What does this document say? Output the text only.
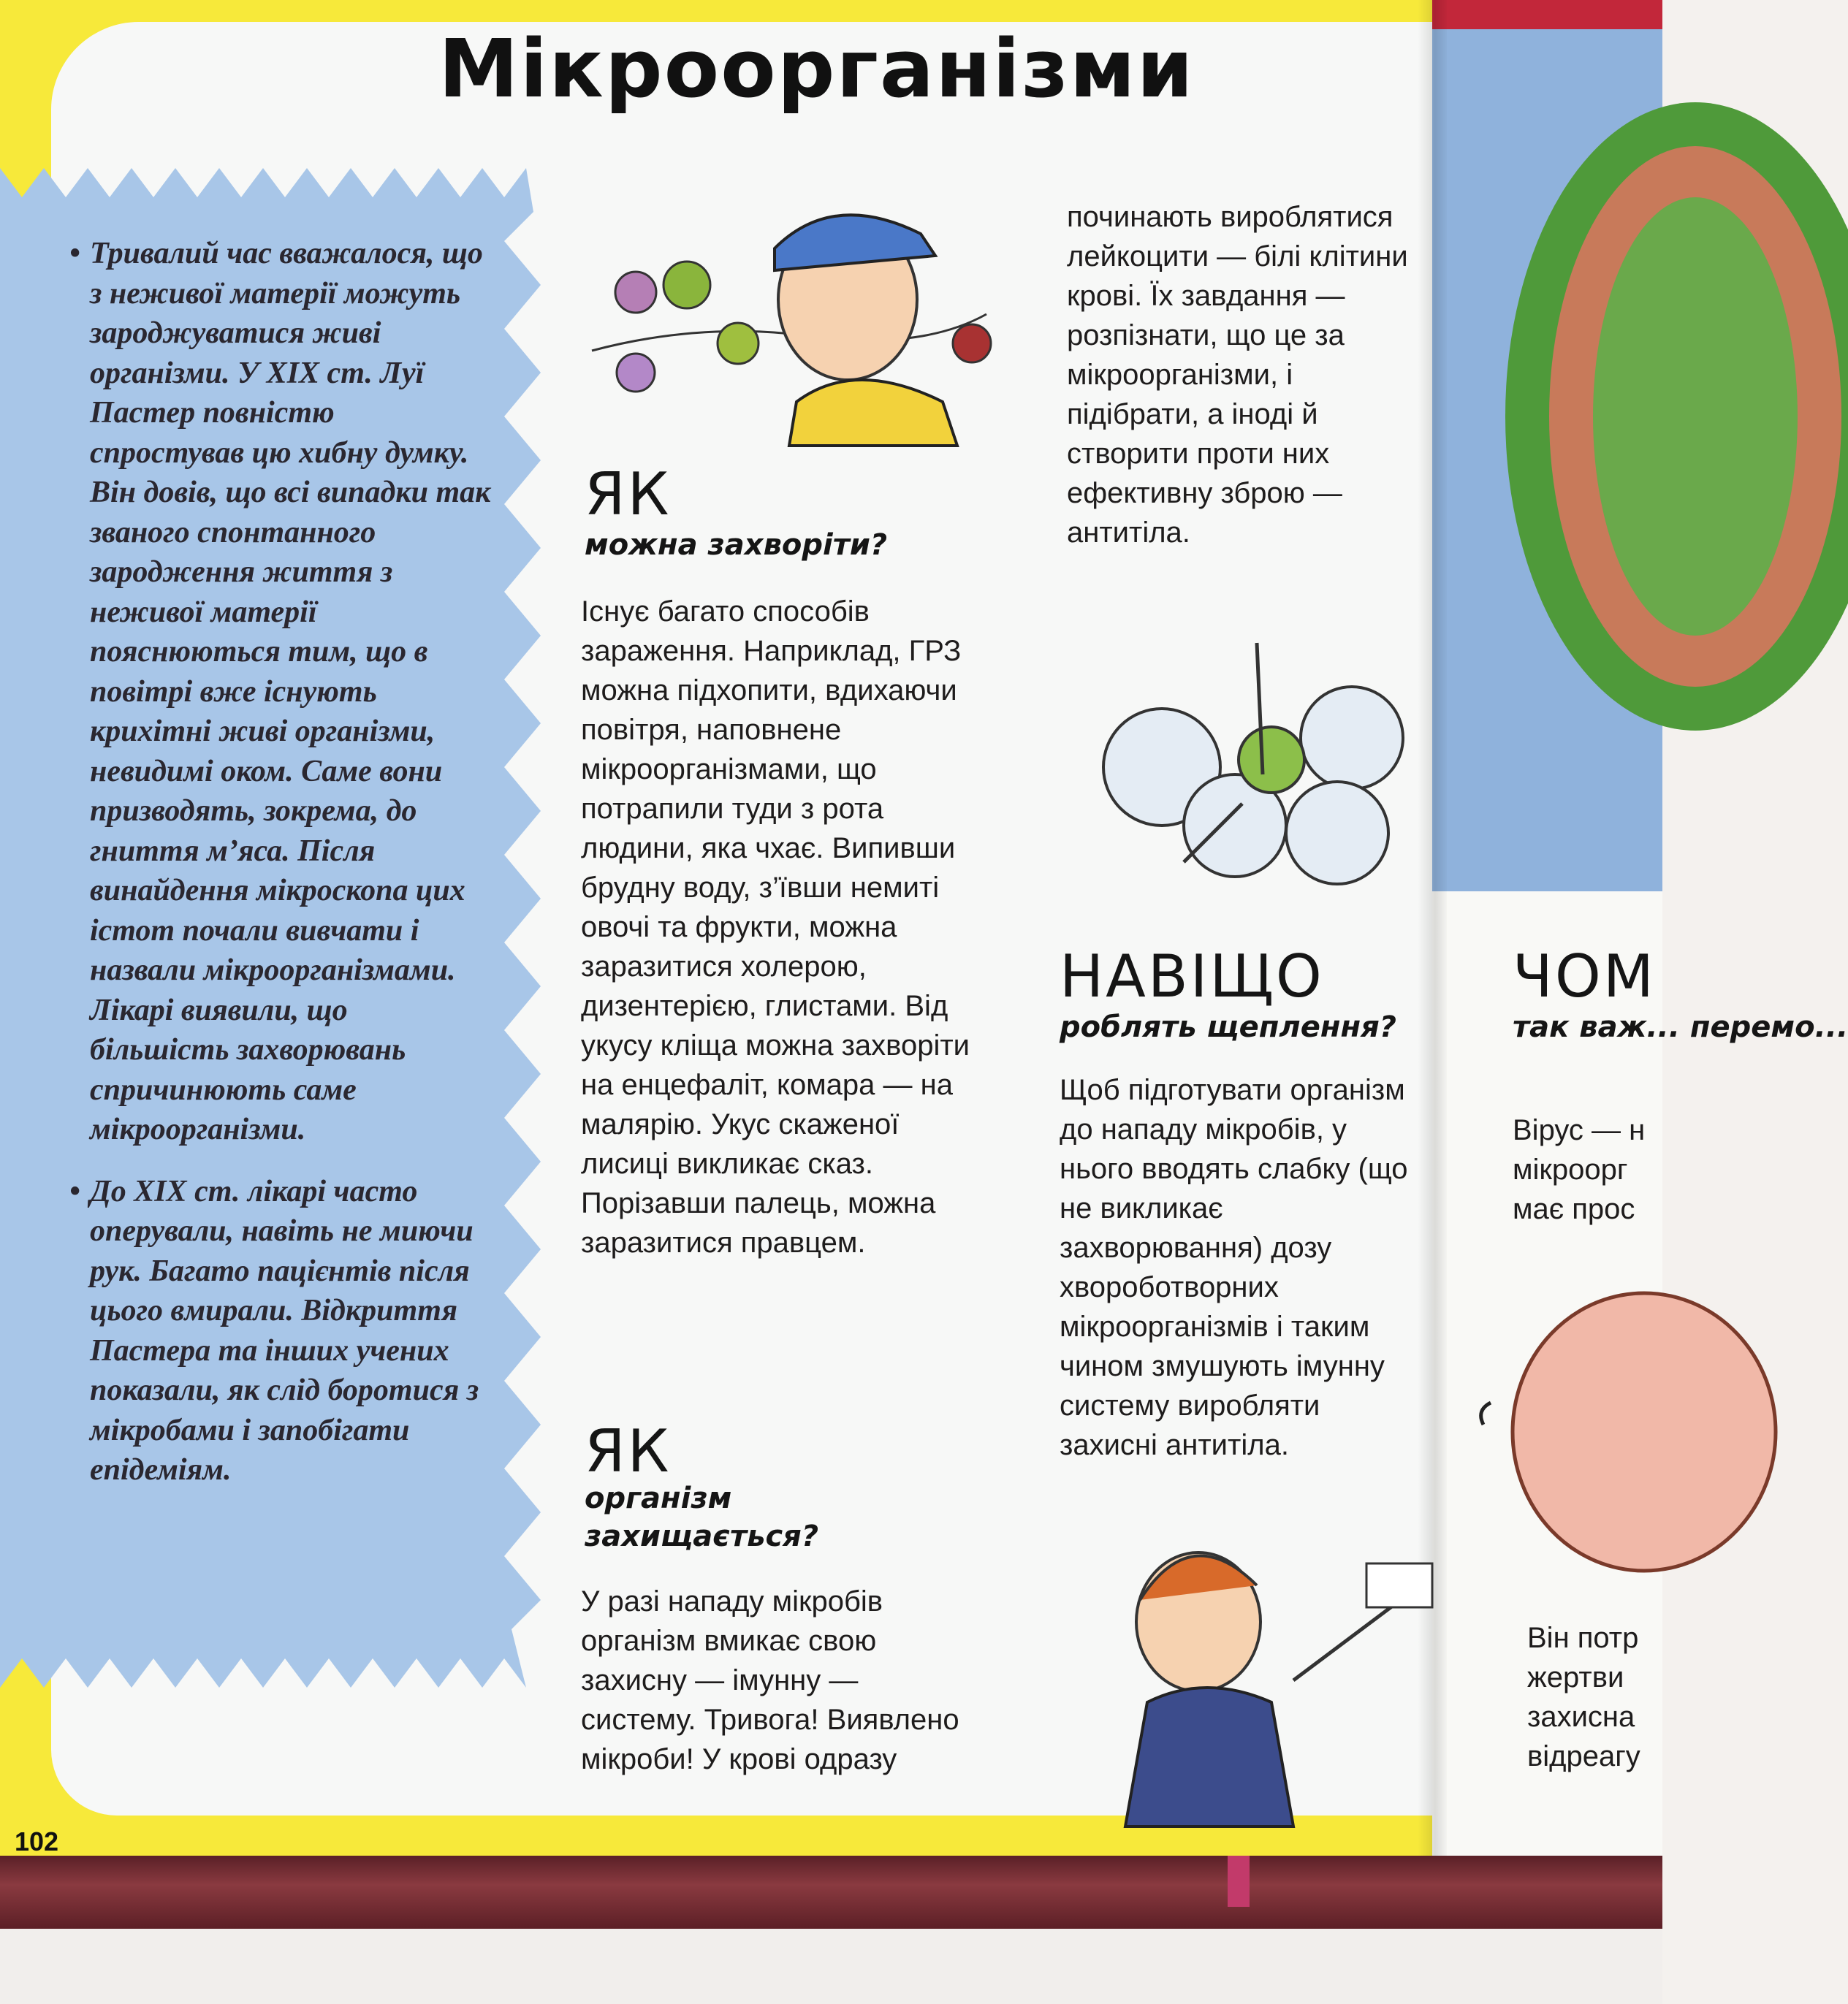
Мікроорганізми

• Тривалий час вважалося, що з неживої матерії можуть зароджуватися живі організми. У XIX ст. Луї Пастер повністю спростував цю хибну думку. Він довів, що всі випадки так званого спонтанного зародження життя з неживої матерії пояснюються тим, що в повітрі вже існують крихітні живі організми, невидимі оком. Саме вони призводять, зокрема, до гниття м’яса. Після винайдення мікроскопа цих істот почали вивчати і назвали мікроорганізмами. Лікарі виявили, що більшість захворювань спричинюють саме мікроорганізми.

• До XIX ст. лікарі часто оперували, навіть не миючи рук. Багато пацієнтів після цього вмирали. Відкриття Пастера та інших учених показали, як слід боротися з мікробами і запобігати епідеміям.

ЯК
можна захворіти?
Існує багато способів зараження. Наприклад, ГРЗ можна підхопити, вдихаючи повітря, наповнене мікроорганізмами, що потрапили туди з рота людини, яка чхає. Випивши брудну воду, з’ївши немиті овочі та фрукти, можна заразитися холерою, дизентерією, глистами. Від укусу кліща можна захворіти на енцефаліт, комара — на малярію. Укус скаженої лисиці викликає сказ. Порізавши палець, можна заразитися правцем.
ЯК
організм захищається?
У разі нападу мікробів організм вмикає свою захисну — імунну — систему. Тривога! Виявлено мікроби! У крові одразу
починають вироблятися лейкоцити — білі клітини крові. Їх завдання — розпізнати, що це за мікроорганізми, і підібрати, а іноді й створити проти них ефективну зброю — антитіла.
НАВІЩО
роблять щеплення?
Щоб підготувати організм до нападу мікробів, у нього вводять слабку (що не викликає захворювання) дозу хвороботворних мікроорганізмів і таким чином змушують імунну систему виробляти захисні антитіла.
ЧОМ
так важ... перемо...
Вірус — н мікроорг має прос
Він потр жертви захисна відреагу
102
